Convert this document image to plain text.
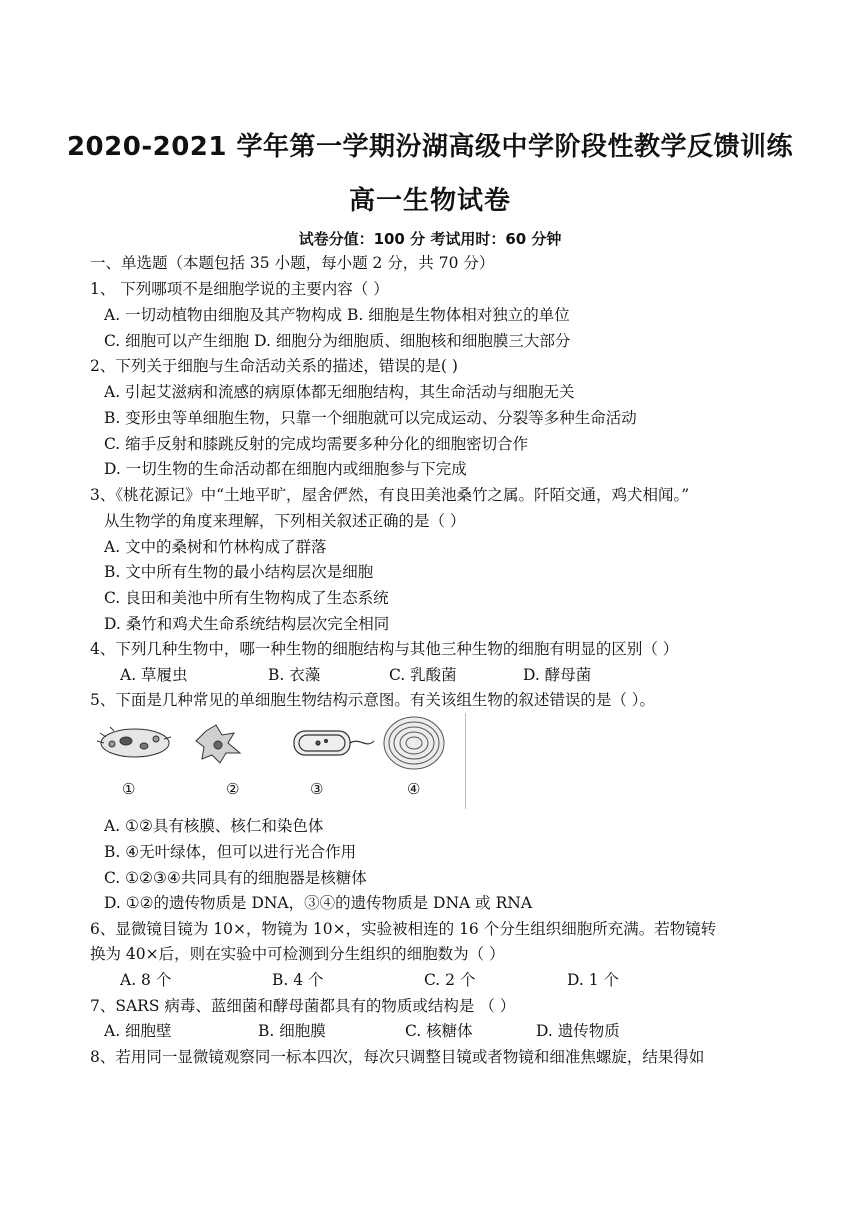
2020-2021 学年第一学期汾湖高级中学阶段性教学反馈训练
高一生物试卷
试卷分值：100 分 考试用时：60 分钟
一、单选题（本题包括 35 小题，每小题 2 分，共 70 分）
1、 下列哪项不是细胞学说的主要内容（ ）
A. 一切动植物由细胞及其产物构成 B. 细胞是生物体相对独立的单位
C. 细胞可以产生细胞 D. 细胞分为细胞质、细胞核和细胞膜三大部分
2、下列关于细胞与生命活动关系的描述，错误的是( )
A. 引起艾滋病和流感的病原体都无细胞结构，其生命活动与细胞无关
B. 变形虫等单细胞生物，只靠一个细胞就可以完成运动、分裂等多种生命活动
C. 缩手反射和膝跳反射的完成均需要多种分化的细胞密切合作
D. 一切生物的生命活动都在细胞内或细胞参与下完成
3、《桃花源记》中“土地平旷，屋舍俨然，有良田美池桑竹之属。阡陌交通，鸡犬相闻。”
从生物学的角度来理解，下列相关叙述正确的是（ ）
A. 文中的桑树和竹林构成了群落
B. 文中所有生物的最小结构层次是细胞
C. 良田和美池中所有生物构成了生态系统
D. 桑竹和鸡犬生命系统结构层次完全相同
4、下列几种生物中，哪一种生物的细胞结构与其他三种生物的细胞有明显的区别（ ）
A. 草履虫	B. 衣藻	C. 乳酸菌	D. 酵母菌
5、下面是几种常见的单细胞生物结构示意图。有关该组生物的叙述错误的是（ ）。
①	②	③	④
A. ①②具有核膜、核仁和染色体
B. ④无叶绿体，但可以进行光合作用
C. ①②③④共同具有的细胞器是核糖体
D. ①②的遗传物质是 DNA，③④的遗传物质是 DNA 或 RNA
6、显微镜目镜为 10×，物镜为 10×，实验被相连的 16 个分生组织细胞所充满。若物镜转
换为 40×后，则在实验中可检测到分生组织的细胞数为（ ）
A. 8 个	B. 4 个	C. 2 个	D. 1 个
7、SARS 病毒、蓝细菌和酵母菌都具有的物质或结构是 （ ）
A. 细胞壁	B. 细胞膜	C. 核糖体	D. 遗传物质
8、若用同一显微镜观察同一标本四次，每次只调整目镜或者物镜和细准焦螺旋，结果得如
